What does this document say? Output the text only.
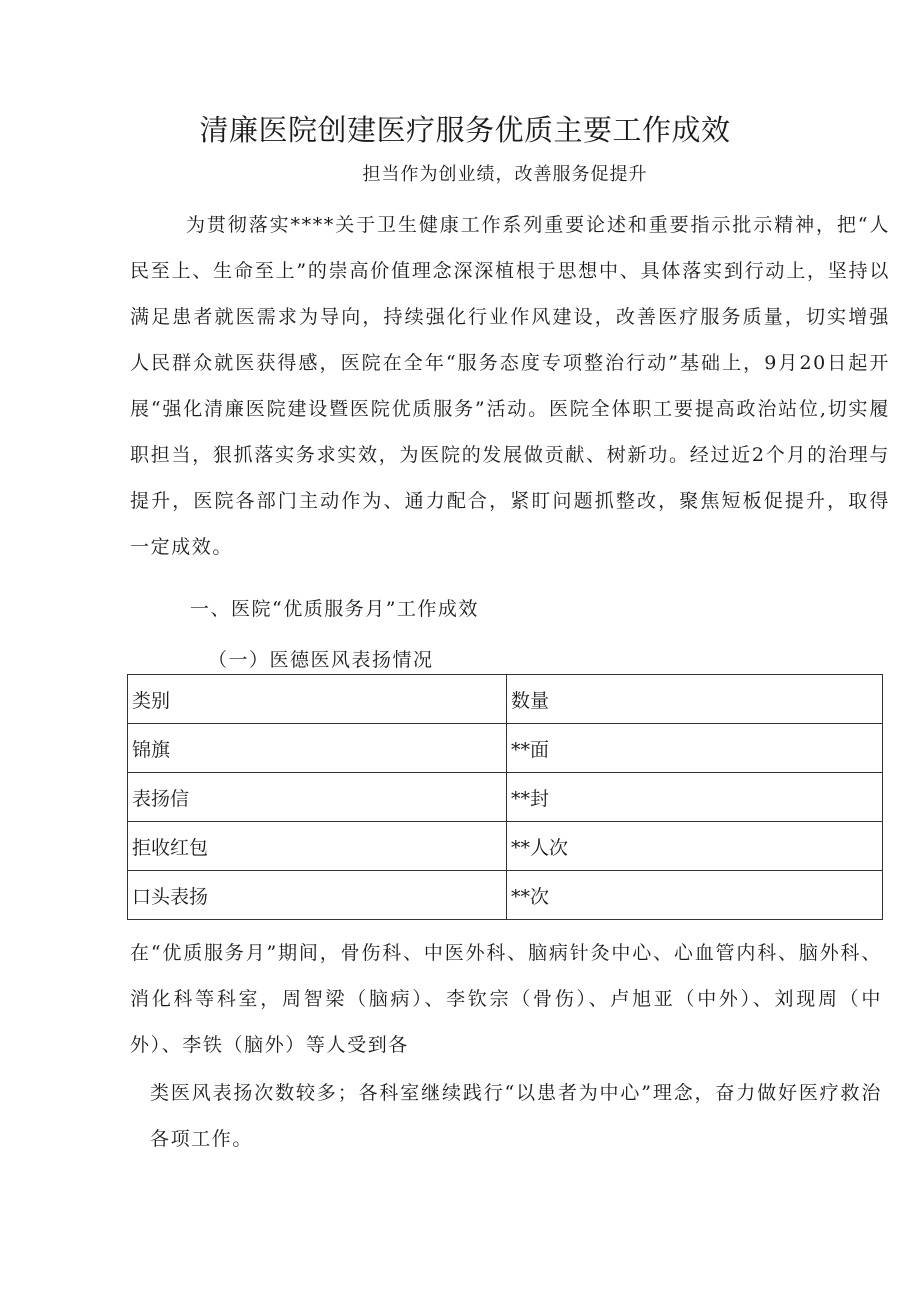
清廉医院创建医疗服务优质主要工作成效
担当作为创业绩，改善服务促提升

为贯彻落实****关于卫生健康工作系列重要论述和重要指示批示精神，把“人民至上、生命至上”的崇高价值理念深深植根于思想中、具体落实到行动上，坚持以满足患者就医需求为导向，持续强化行业作风建设，改善医疗服务质量，切实增强人民群众就医获得感，医院在全年“服务态度专项整治行动”基础上，9月20日起开展“强化清廉医院建设暨医院优质服务”活动。医院全体职工要提高政治站位,切实履职担当，狠抓落实务求实效，为医院的发展做贡献、树新功。经过近2个月的治理与提升，医院各部门主动作为、通力配合，紧盯问题抓整改，聚焦短板促提升，取得一定成效。

一、医院“优质服务月”工作成效
（一）医德医风表扬情况
类别	数量
锦旗	**面
表扬信	**封
拒收红包	**人次
口头表扬	**次

在“优质服务月”期间，骨伤科、中医外科、脑病针灸中心、心血管内科、脑外科、消化科等科室，周智梁（脑病）、李钦宗（骨伤）、卢旭亚（中外）、刘现周（中外）、李铁（脑外）等人受到各

类医风表扬次数较多；各科室继续践行“以患者为中心”理念，奋力做好医疗救治各项工作。
